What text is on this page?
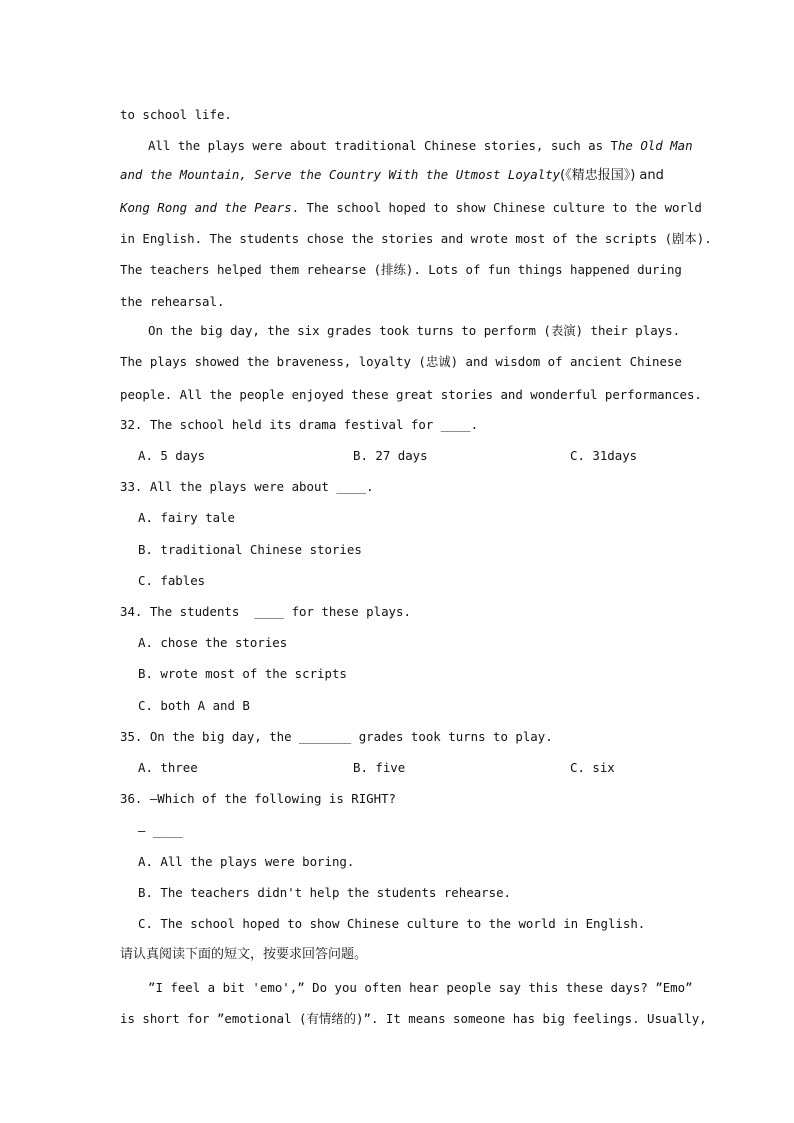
to school life.
All the plays were about traditional Chinese stories, such as The Old Man
and the Mountain, Serve the Country With the Utmost Loyalty(《精忠报国》) and
Kong Rong and the Pears. The school hoped to show Chinese culture to the world
in English. The students chose the stories and wrote most of the scripts (剧本).
The teachers helped them rehearse (排练). Lots of fun things happened during
the rehearsal.
On the big day, the six grades took turns to perform (表演) their plays.
The plays showed the braveness, loyalty (忠诚) and wisdom of ancient Chinese
people. All the people enjoyed these great stories and wonderful performances.
32. The school held its drama festival for ____.
A. 5 days	B. 27 days	C. 31days
33. All the plays were about ____.
A. fairy tale
B. traditional Chinese stories
C. fables
34. The students  ____ for these plays.
A. chose the stories
B. wrote most of the scripts
C. both A and B
35. On the big day, the _______ grades took turns to play.
A. three	B. five	C. six
36. —Which of the following is RIGHT?
— ____
A. All the plays were boring.
B. The teachers didn't help the students rehearse.
C. The school hoped to show Chinese culture to the world in English.
请认真阅读下面的短文，按要求回答问题。
”I feel a bit 'emo',” Do you often hear people say this these days? ”Emo”
is short for ”emotional (有情绪的)”. It means someone has big feelings. Usually,
